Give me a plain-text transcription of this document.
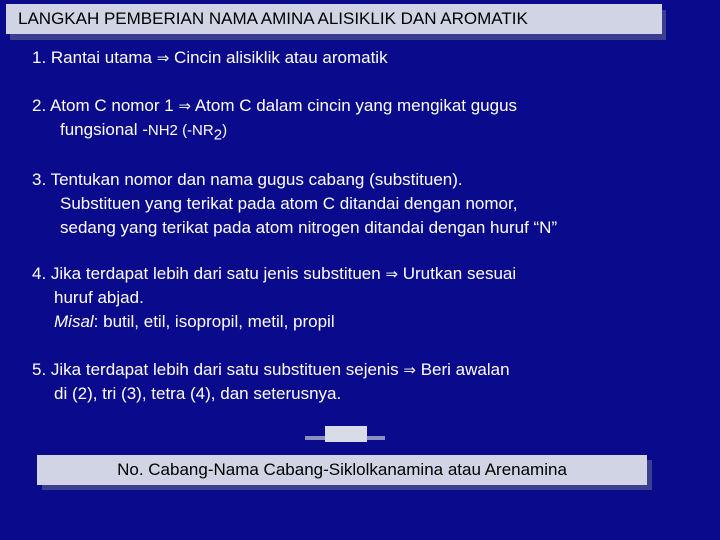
LANGKAH PEMBERIAN NAMA AMINA ALISIKLIK DAN AROMATIK
1. Rantai utama ⇒ Cincin alisiklik atau aromatik
2. Atom C nomor 1 ⇒ Atom C dalam cincin yang mengikat gugus
fungsional -NH2 $(-NR_2)$
3. Tentukan nomor dan nama gugus cabang (substituen).
Substituen yang terikat pada atom C ditandai dengan nomor,
sedang yang terikat pada atom nitrogen ditandai dengan huruf “N”
4. Jika terdapat lebih dari satu jenis substituen ⇒ Urutkan sesuai
huruf abjad.
Misal: butil, etil, isopropil, metil, propil
5. Jika terdapat lebih dari satu substituen sejenis ⇒ Beri awalan
di (2), tri (3), tetra (4), dan seterusnya.
No. Cabang-Nama Cabang-Siklolkanamina atau Arenamina
